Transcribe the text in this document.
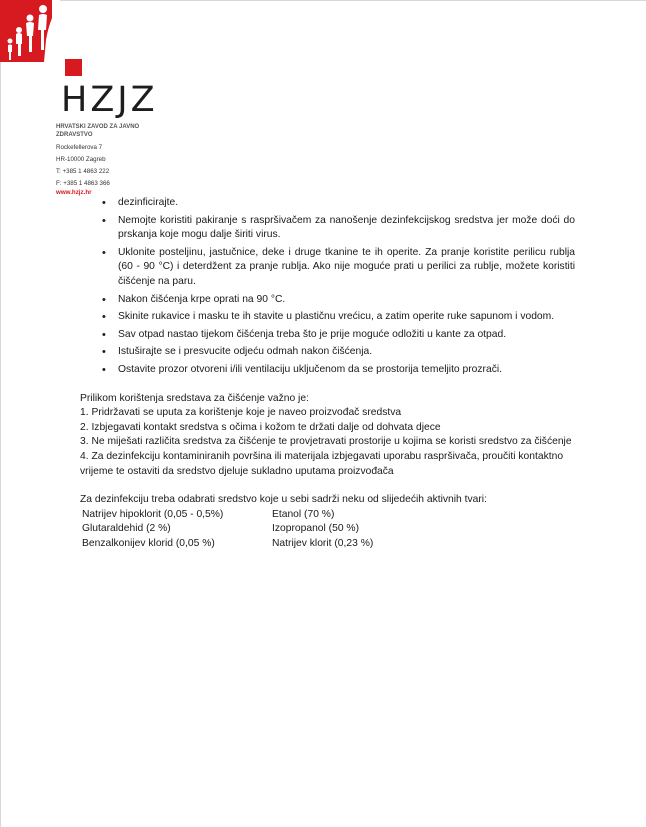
HZJZ
HRVATSKI ZAVOD ZA JAVNO ZDRAVSTVO
Rockefellerova 7
HR-10000 Zagreb
T: +385 1 4863 222
F: +385 1 4863 366
www.hzjz.hr
• dezinficirajte.
• Nemojte koristiti pakiranje s raspršivačem za nanošenje dezinfekcijskog sredstva jer može doći do prskanja koje mogu dalje širiti virus.
• Uklonite posteljinu, jastučnice, deke i druge tkanine te ih operite. Za pranje koristite perilicu rublja (60 - 90 °C) i deterdžent za pranje rublja. Ako nije moguće prati u perilici za rublje, možete koristiti čišćenje na paru.
• Nakon čišćenja krpe oprati na 90 °C.
• Skinite rukavice i masku te ih stavite u plastičnu vrećicu, a zatim operite ruke sapunom i vodom.
• Sav otpad nastao tijekom čišćenja treba što je prije moguće odložiti u kante za otpad.
• Istuširajte se i presvucite odjeću odmah nakon čišćenja.
• Ostavite prozor otvoreni i/ili ventilaciju uključenom da se prostorija temeljito prozrači.

Prilikom korištenja sredstava za čišćenje važno je:

1. Pridržavati se uputa za korištenje koje je naveo proizvođač sredstva

2. Izbjegavati kontakt sredstva s očima i kožom te držati dalje od dohvata djece

3. Ne miješati različita sredstva za čišćenje te provjetravati prostorije u kojima se koristi sredstvo za čišćenje

4. Za dezinfekciju kontaminiranih površina ili materijala izbjegavati uporabu raspršivača, proučiti kontaktno vrijeme te ostaviti da sredstvo djeluje sukladno uputama proizvođača

Za dezinfekciju treba odabrati sredstvo koje u sebi sadrži neku od slijedećih aktivnih tvari:

Natrijev hipoklorit (0,05 - 0,5%)	Etanol (70 %)
Glutaraldehid (2 %)	Izopropanol (50 %)
Benzalkonijev klorid (0,05 %)	Natrijev klorit (0,23 %)
